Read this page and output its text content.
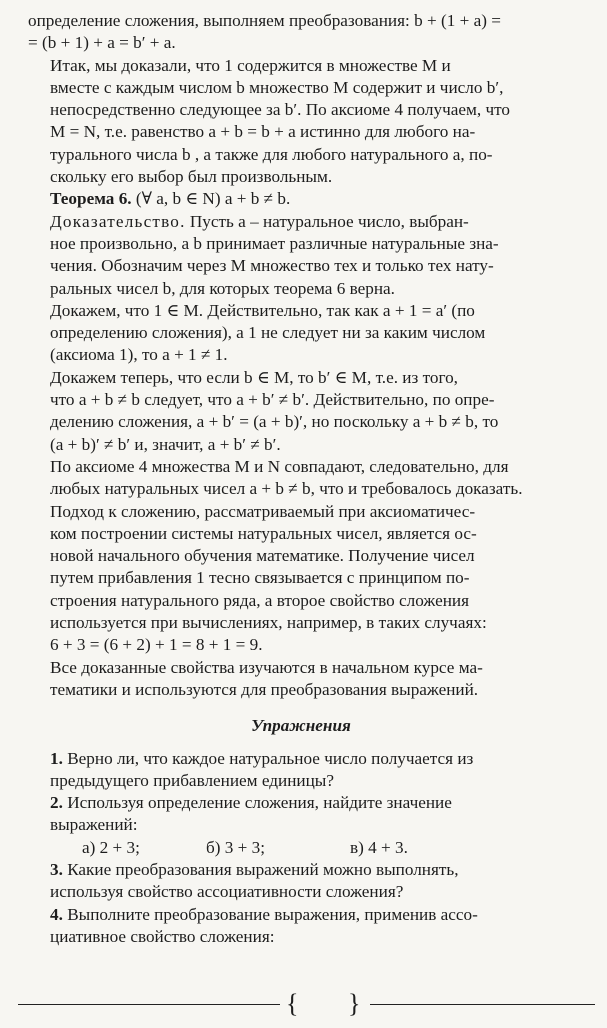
определение сложения, выполняем преобразования: b + (1 + a) =
= (b + 1) + a = b′ + a.

Итак, мы доказали, что 1 содержится в множестве M и
вместе с каждым числом b множество M содержит и число b′,
непосредственно следующее за b′. По аксиоме 4 получаем, что
M = N, т.е. равенство a + b = b + a истинно для любого на-
турального числа b , а также для любого натурального a, по-
скольку его выбор был произвольным.

Теорема 6. (∀ a, b ∈ N) a + b ≠ b.

Доказательство. Пусть a – натуральное число, выбран-
ное произвольно, а b принимает различные натуральные зна-
чения. Обозначим через M множество тех и только тех нату-
ральных чисел b, для которых теорема 6 верна.

Докажем, что 1 ∈ M. Действительно, так как a + 1 = a′ (по
определению сложения), а 1 не следует ни за каким числом
(аксиома 1), то a + 1 ≠ 1.

Докажем теперь, что если b ∈ M, то b′ ∈ M, т.е. из того,
что a + b ≠ b следует, что a + b′ ≠ b′. Действительно, по опре-
делению сложения, a + b′ = (a + b)′, но поскольку a + b ≠ b, то
(a + b)′ ≠ b′ и, значит, a + b′ ≠ b′.

По аксиоме 4 множества M и N совпадают, следовательно, для
любых натуральных чисел a + b ≠ b, что и требовалось доказать.

Подход к сложению, рассматриваемый при аксиоматичес-
ком построении системы натуральных чисел, является ос-
новой начального обучения математике. Получение чисел
путем прибавления 1 тесно связывается с принципом по-
строения натурального ряда, а второе свойство сложения
используется при вычислениях, например, в таких случаях:
6 + 3 = (6 + 2) + 1 = 8 + 1 = 9.

Все доказанные свойства изучаются в начальном курсе ма-
тематики и используются для преобразования выражений.

Упражнения

1. Верно ли, что каждое натуральное число получается из
предыдущего прибавлением единицы?

2. Используя определение сложения, найдите значение
выражений:

а) 2 + 3;	б) 3 + 3;	в) 4 + 3.

3. Какие преобразования выражений можно выполнять,
используя свойство ассоциативности сложения?

4. Выполните преобразование выражения, применив ассо-
циативное свойство сложения:

{ }
